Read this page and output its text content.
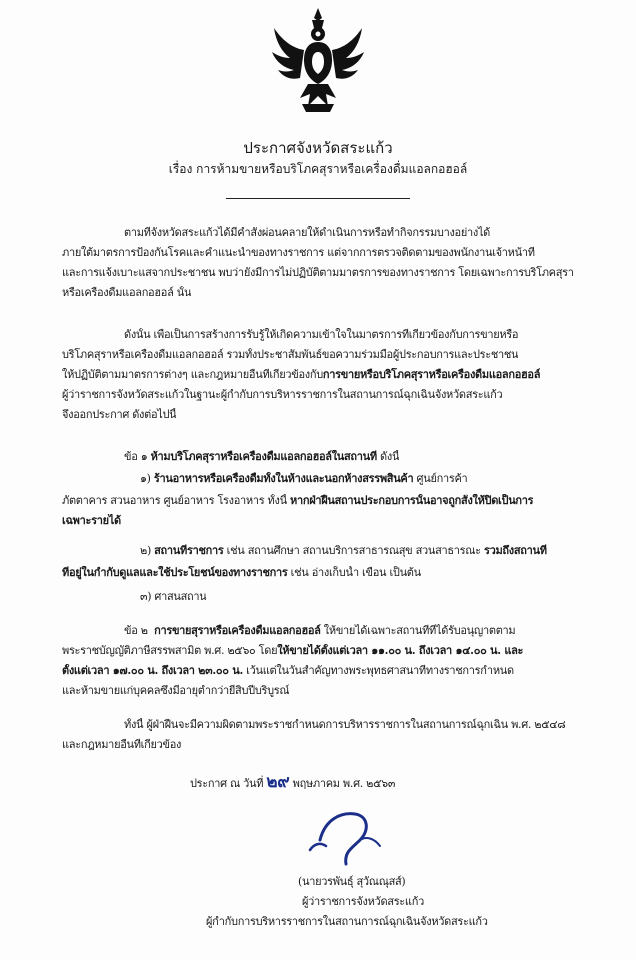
ประกาศจังหวัดสระแก้ว
เรื่อง การห้ามขายหรือบริโภคสุราหรือเครื่องดื่มแอลกอฮอล์
ตามที่จังหวัดสระแก้วได้มีคำสั่งผ่อนคลายให้ดำเนินการหรือทำกิจกรรมบางอย่างได้
ภายใต้มาตรการป้องกันโรคและคำแนะนำของทางราชการ แต่จากการตรวจติดตามของพนักงานเจ้าหน้าที่
และการแจ้งเบาะแสจากประชาชน พบว่ายังมีการไม่ปฏิบัติตามมาตรการของทางราชการ โดยเฉพาะการบริโภคสุรา
หรือเครื่องดื่มแอลกอฮอล์ นั้น
ดังนั้น เพื่อเป็นการสร้างการรับรู้ให้เกิดความเข้าใจในมาตรการที่เกี่ยวข้องกับการขายหรือ
บริโภคสุราหรือเครื่องดื่มแอลกอฮอล์ รวมทั้งประชาสัมพันธ์ขอความร่วมมือผู้ประกอบการและประชาชน
ให้ปฏิบัติตามมาตรการต่างๆ และกฎหมายอื่นที่เกี่ยวข้องกับการขายหรือบริโภคสุราหรือเครื่องดื่มแอลกอฮอล์
ผู้ว่าราชการจังหวัดสระแก้วในฐานะผู้กำกับการบริหารราชการในสถานการณ์ฉุกเฉินจังหวัดสระแก้ว
จึงออกประกาศ ดังต่อไปนี้
ข้อ ๑ ห้ามบริโภคสุราหรือเครื่องดื่มแอลกอฮอล์ในสถานที่ ดังนี้
๑) ร้านอาหารหรือเครื่องดื่มทั้งในห้างและนอกห้างสรรพสินค้า ศูนย์การค้า
ภัตตาคาร สวนอาหาร ศูนย์อาหาร โรงอาหาร ทั้งนี้ หากฝ่าฝืนสถานประกอบการนั้นอาจถูกสั่งให้ปิดเป็นการ
เฉพาะรายได้
๒) สถานที่ราชการ เช่น สถานศึกษา สถานบริการสาธารณสุข สวนสาธารณะ รวมถึงสถานที่
ที่อยู่ในกำกับดูแลและใช้ประโยชน์ของทางราชการ เช่น อ่างเก็บน้ำ เขื่อน เป็นต้น
๓) ศาสนสถาน
ข้อ ๒ การขายสุราหรือเครื่องดื่มแอลกอฮอล์ ให้ขายได้เฉพาะสถานที่ที่ได้รับอนุญาตตาม
พระราชบัญญัติภาษีสรรพสามิต พ.ศ. ๒๕๖๐ โดยให้ขายได้ตั้งแต่เวลา ๑๑.๐๐ น. ถึงเวลา ๑๔.๐๐ น. และ
ตั้งแต่เวลา ๑๗.๐๐ น. ถึงเวลา ๒๓.๐๐ น. เว้นแต่ในวันสำคัญทางพระพุทธศาสนาที่ทางราชการกำหนด
และห้ามขายแก่บุคคลซึ่งมีอายุต่ำกว่ายี่สิบปีบริบูรณ์
ทั้งนี้ ผู้ฝ่าฝืนจะมีความผิดตามพระราชกำหนดการบริหารราชการในสถานการณ์ฉุกเฉิน พ.ศ. ๒๕๔๘
และกฎหมายอื่นที่เกี่ยวข้อง
ประกาศ ณ วันที่ ๒๙ พฤษภาคม พ.ศ. ๒๕๖๓
(นายวรพันธุ์ สุวัณณุสส์)
ผู้ว่าราชการจังหวัดสระแก้ว
ผู้กำกับการบริหารราชการในสถานการณ์ฉุกเฉินจังหวัดสระแก้ว
